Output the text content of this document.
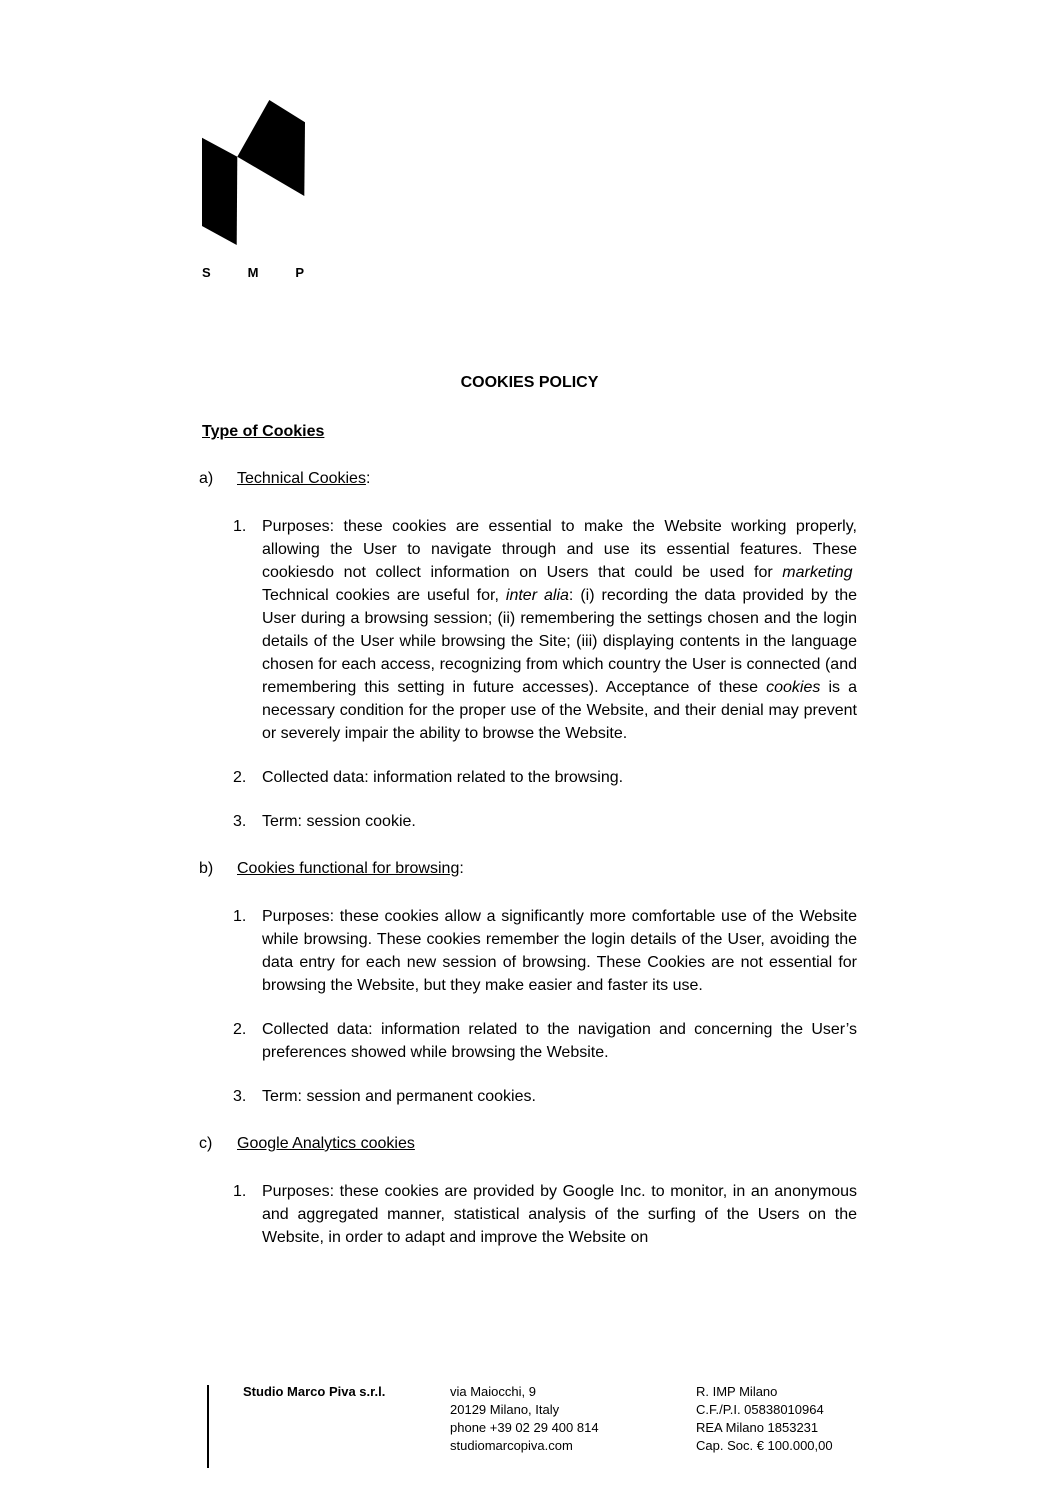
S	M	P
COOKIES POLICY
Type of Cookies
a)	Technical Cookies:
1. Purposes: these cookies are essential to make the Website working properly, allowing the User to navigate through and use its essential features. These cookiesdo not collect information on Users that could be used for marketing  Technical cookies are useful for, inter alia: (i) recording the data provided by the User during a browsing session; (ii) remembering the settings chosen and the login details of the User while browsing the Site; (iii) displaying contents in the language chosen for each access, recognizing from which country the User is connected (and remembering this setting in future accesses). Acceptance of these cookies is a necessary condition for the proper use of the Website, and their denial may prevent or severely impair the ability to browse the Website.
2. Collected data: information related to the browsing.
3. Term: session cookie.
b)	Cookies functional for browsing:
1. Purposes: these cookies allow a significantly more comfortable use of the Website while browsing. These cookies remember the login details of the User, avoiding the data entry for each new session of browsing. These Cookies are not essential for browsing the Website, but they make easier and faster its use.
2. Collected data: information related to the navigation and concerning the User’s preferences showed while browsing the Website.
3. Term: session and permanent cookies.
c)	Google Analytics cookies
1. Purposes: these cookies are provided by Google Inc. to monitor, in an anonymous and aggregated manner, statistical analysis of the surfing of the Users on the Website, in order to adapt and improve the Website on
Studio Marco Piva s.r.l.	via Maiocchi, 9
20129 Milano, Italy
phone +39 02 29 400 814
studiomarcopiva.com
R. IMP Milano
C.F./P.I. 05838010964
REA Milano 1853231
Cap. Soc. € 100.000,00
